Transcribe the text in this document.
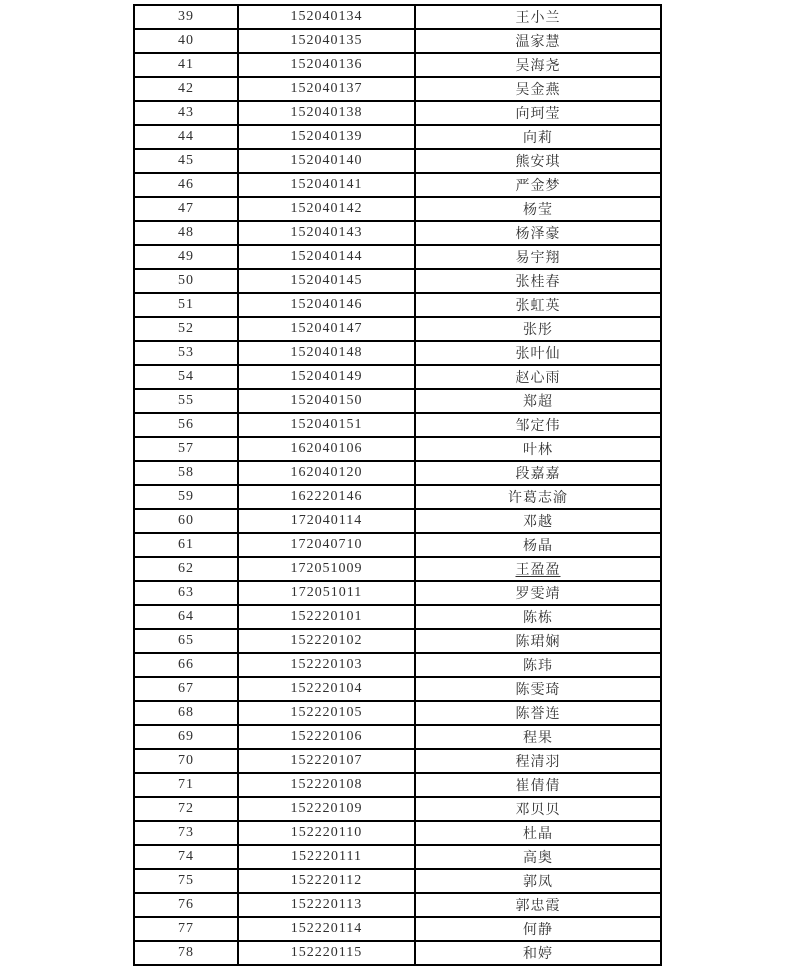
39	152040134	王小兰
40	152040135	温家慧
41	152040136	吴海尧
42	152040137	吴金燕
43	152040138	向珂莹
44	152040139	向莉
45	152040140	熊安琪
46	152040141	严金梦
47	152040142	杨莹
48	152040143	杨泽豪
49	152040144	易宇翔
50	152040145	张桂春
51	152040146	张虹英
52	152040147	张彤
53	152040148	张叶仙
54	152040149	赵心雨
55	152040150	郑超
56	152040151	邹定伟
57	162040106	叶林
58	162040120	段嘉嘉
59	162220146	许葛志渝
60	172040114	邓越
61	172040710	杨晶
62	172051009	王盈盈
63	172051011	罗雯靖
64	152220101	陈栋
65	152220102	陈珺娴
66	152220103	陈玮
67	152220104	陈雯琦
68	152220105	陈誉连
69	152220106	程果
70	152220107	程清羽
71	152220108	崔倩倩
72	152220109	邓贝贝
73	152220110	杜晶
74	152220111	高奥
75	152220112	郭凤
76	152220113	郭忠霞
77	152220114	何静
78	152220115	和婷
